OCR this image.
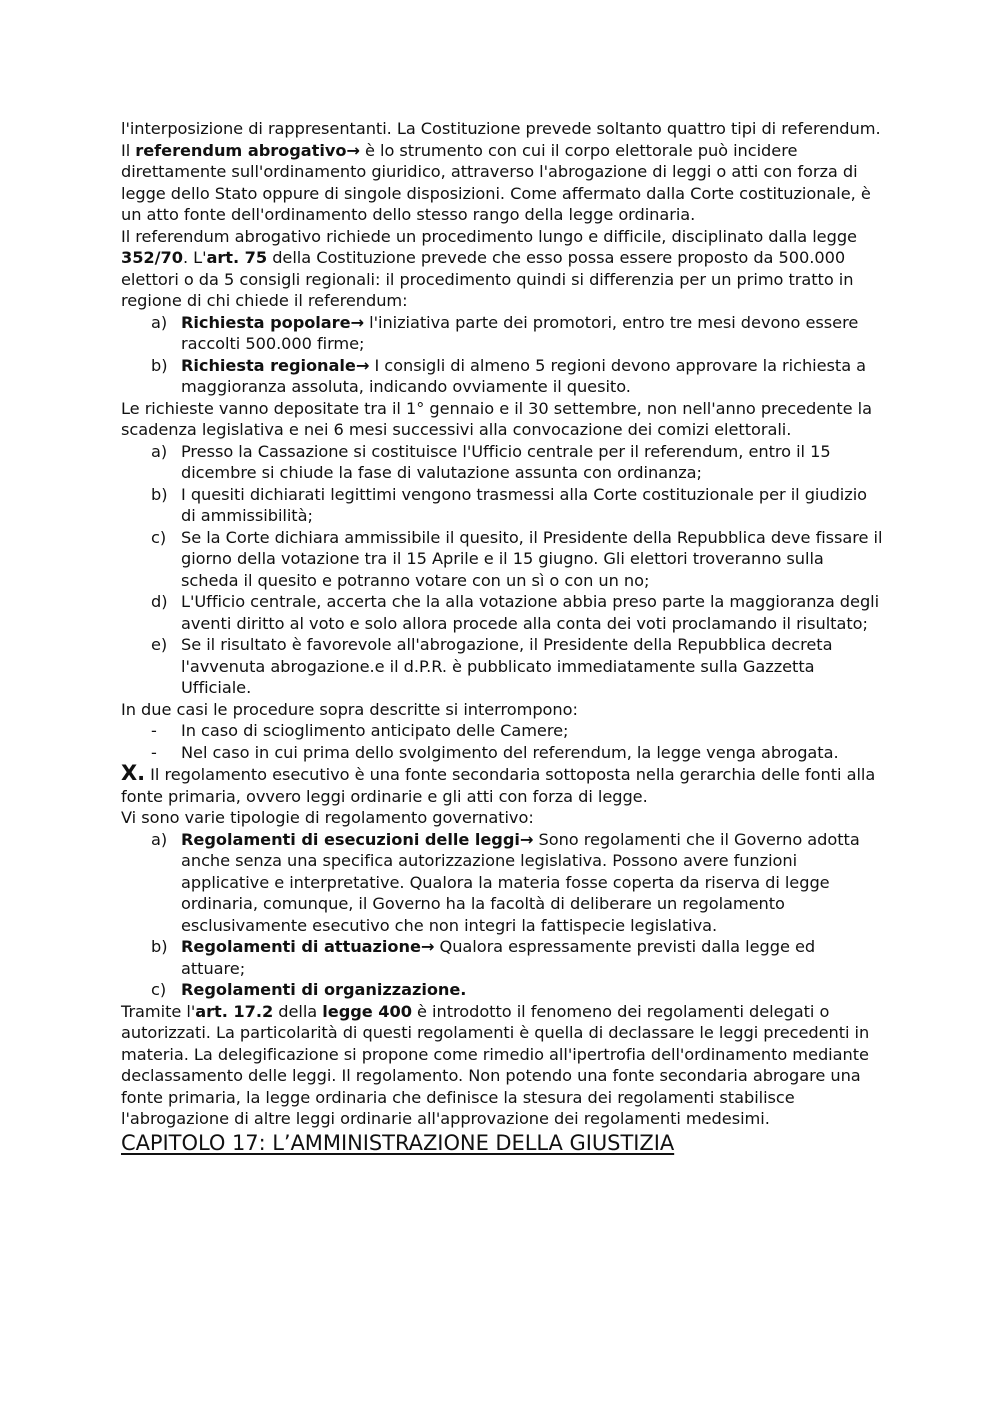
l'interposizione di rappresentanti. La Costituzione prevede soltanto quattro tipi di referendum.

Il referendum abrogativo→ è lo strumento con cui il corpo elettorale può incidere direttamente sull'ordinamento giuridico, attraverso l'abrogazione di leggi o atti con forza di legge dello Stato oppure di singole disposizioni. Come affermato dalla Corte costituzionale, è un atto fonte dell'ordinamento dello stesso rango della legge ordinaria.

Il referendum abrogativo richiede un procedimento lungo e difficile, disciplinato dalla legge 352/70. L'art. 75 della Costituzione prevede che esso possa essere proposto da 500.000 elettori o da 5 consigli regionali: il procedimento quindi si differenzia per un primo tratto in regione di chi chiede il referendum:

a) Richiesta popolare→ l'iniziativa parte dei promotori, entro tre mesi devono essere raccolti 500.000 firme;
b) Richiesta regionale→ I consigli di almeno 5 regioni devono approvare la richiesta a maggioranza assoluta, indicando ovviamente il quesito.

Le richieste vanno depositate tra il 1° gennaio e il 30 settembre, non nell'anno precedente la scadenza legislativa e nei 6 mesi successivi alla convocazione dei comizi elettorali.

a) Presso la Cassazione si costituisce l'Ufficio centrale per il referendum, entro il 15 dicembre si chiude la fase di valutazione assunta con ordinanza;
b) I quesiti dichiarati legittimi vengono trasmessi alla Corte costituzionale per il giudizio di ammissibilità;
c) Se la Corte dichiara ammissibile il quesito, il Presidente della Repubblica deve fissare il giorno della votazione tra il 15 Aprile e il 15 giugno. Gli elettori troveranno sulla scheda il quesito e potranno votare con un sì o con un no;
d) L'Ufficio centrale, accerta che la alla votazione abbia preso parte la maggioranza degli aventi diritto al voto e solo allora procede alla conta dei voti proclamando il risultato;
e) Se il risultato è favorevole all'abrogazione, il Presidente della Repubblica decreta l'avvenuta abrogazione.e il d.P.R. è pubblicato immediatamente sulla Gazzetta Ufficiale.

In due casi le procedure sopra descritte si interrompono:

- In caso di scioglimento anticipato delle Camere;
- Nel caso in cui prima dello svolgimento del referendum, la legge venga abrogata.

X. Il regolamento esecutivo è una fonte secondaria sottoposta nella gerarchia delle fonti alla fonte primaria, ovvero leggi ordinarie e gli atti con forza di legge.

Vi sono varie tipologie di regolamento governativo:

a) Regolamenti di esecuzioni delle leggi→ Sono regolamenti che il Governo adotta anche senza una specifica autorizzazione legislativa. Possono avere funzioni applicative e interpretative. Qualora la materia fosse coperta da riserva di legge ordinaria, comunque, il Governo ha la facoltà di deliberare un regolamento esclusivamente esecutivo che non integri la fattispecie legislativa.
b) Regolamenti di attuazione→ Qualora espressamente previsti dalla legge ed attuare;
c) Regolamenti di organizzazione.

Tramite l'art. 17.2 della legge 400 è introdotto il fenomeno dei regolamenti delegati o autorizzati. La particolarità di questi regolamenti è quella di declassare le leggi precedenti in materia. La delegificazione si propone come rimedio all'ipertrofia dell'ordinamento mediante declassamento delle leggi. Il regolamento. Non potendo una fonte secondaria abrogare una fonte primaria, la legge ordinaria che definisce la stesura dei regolamenti stabilisce l'abrogazione di altre leggi ordinarie all'approvazione dei regolamenti medesimi.

CAPITOLO 17: L’AMMINISTRAZIONE DELLA GIUSTIZIA
